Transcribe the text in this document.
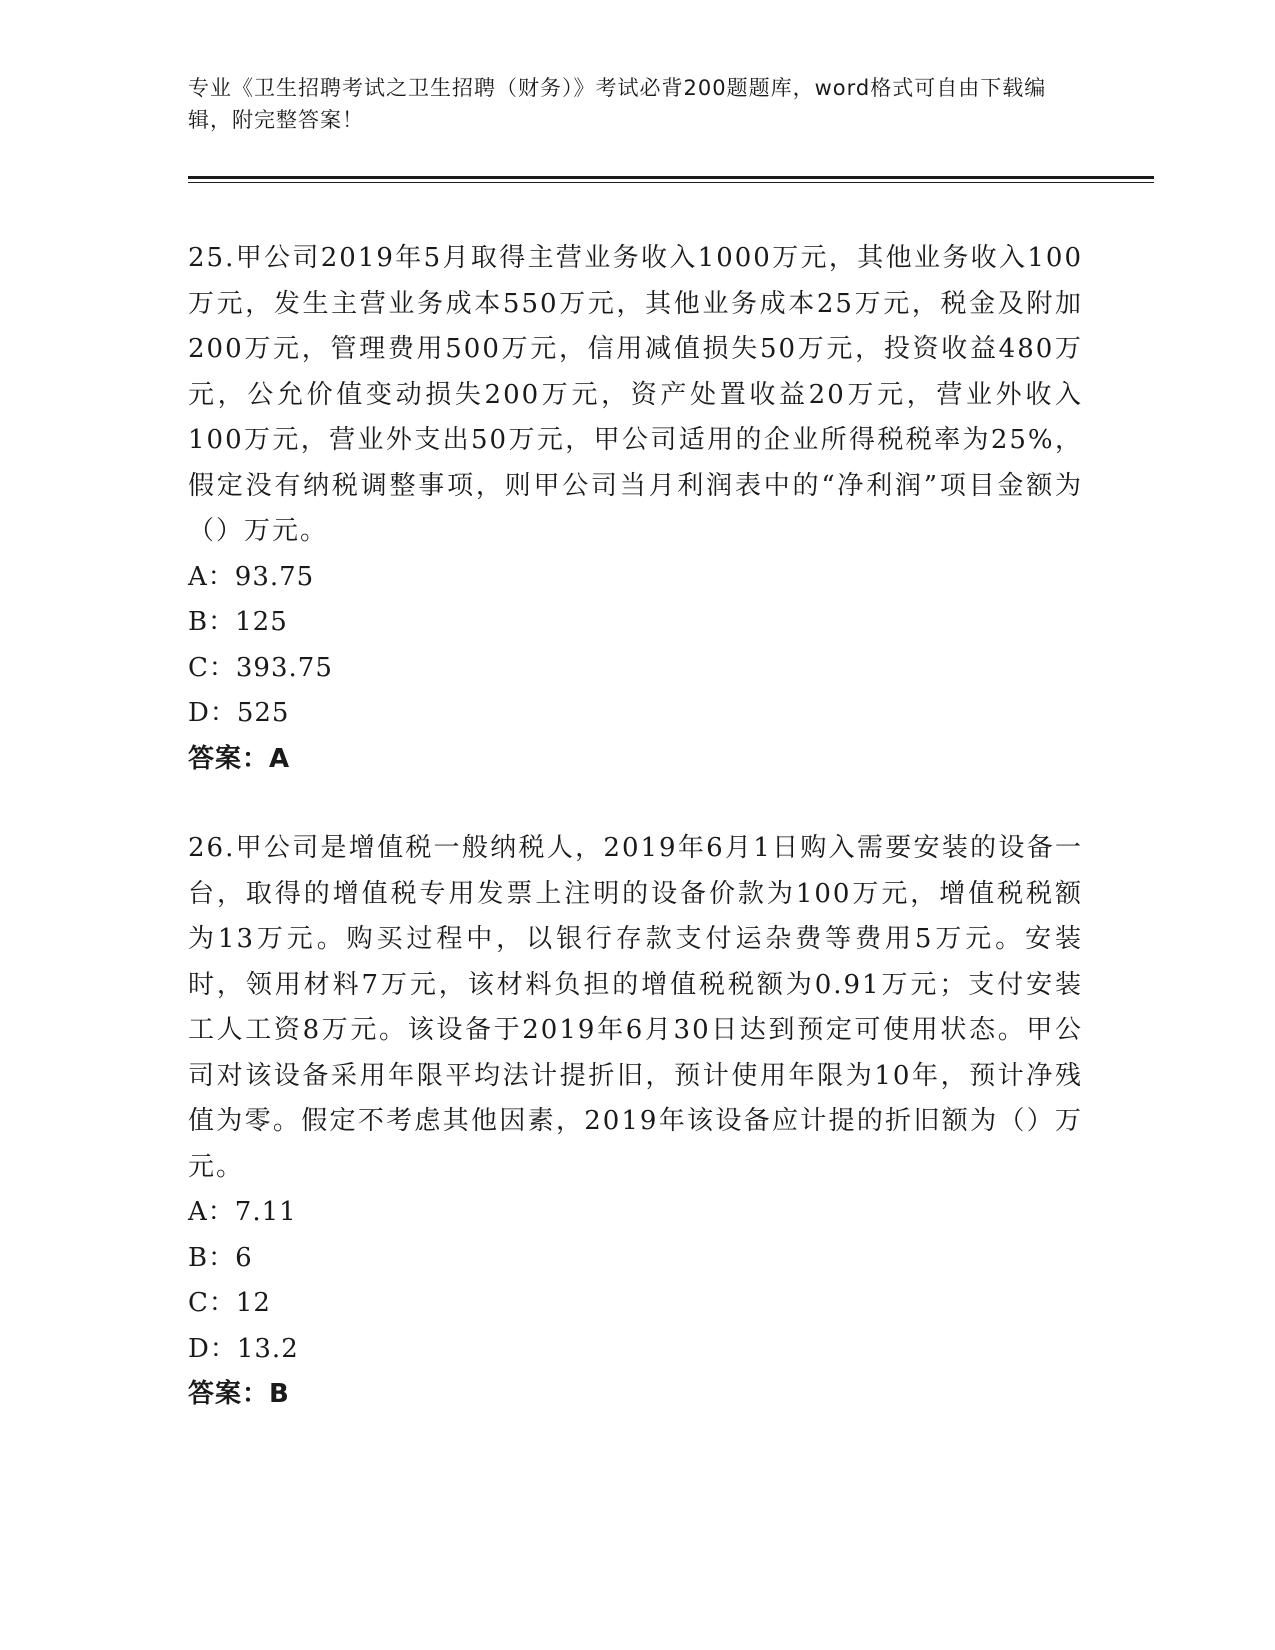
专业《卫生招聘考试之卫生招聘（财务）》考试必背200题题库，word格式可自由下载编辑，附完整答案！

25.甲公司2019年5月取得主营业务收入1000万元，其他业务收入100万元，发生主营业务成本550万元，其他业务成本25万元，税金及附加200万元，管理费用500万元，信用减值损失50万元，投资收益480万元，公允价值变动损失200万元，资产处置收益20万元，营业外收入100万元，营业外支出50万元，甲公司适用的企业所得税税率为25%，假定没有纳税调整事项，则甲公司当月利润表中的“净利润”项目金额为（）万元。

A：93.75

B：125

C：393.75

D：525

答案：A

26.甲公司是增值税一般纳税人，2019年6月1日购入需要安装的设备一台，取得的增值税专用发票上注明的设备价款为100万元，增值税税额为13万元。购买过程中，以银行存款支付运杂费等费用5万元。安装时，领用材料7万元，该材料负担的增值税税额为0.91万元；支付安装工人工资8万元。该设备于2019年6月30日达到预定可使用状态。甲公司对该设备采用年限平均法计提折旧，预计使用年限为10年，预计净残值为零。假定不考虑其他因素，2019年该设备应计提的折旧额为（）万元。

A：7.11

B：6

C：12

D：13.2

答案：B
